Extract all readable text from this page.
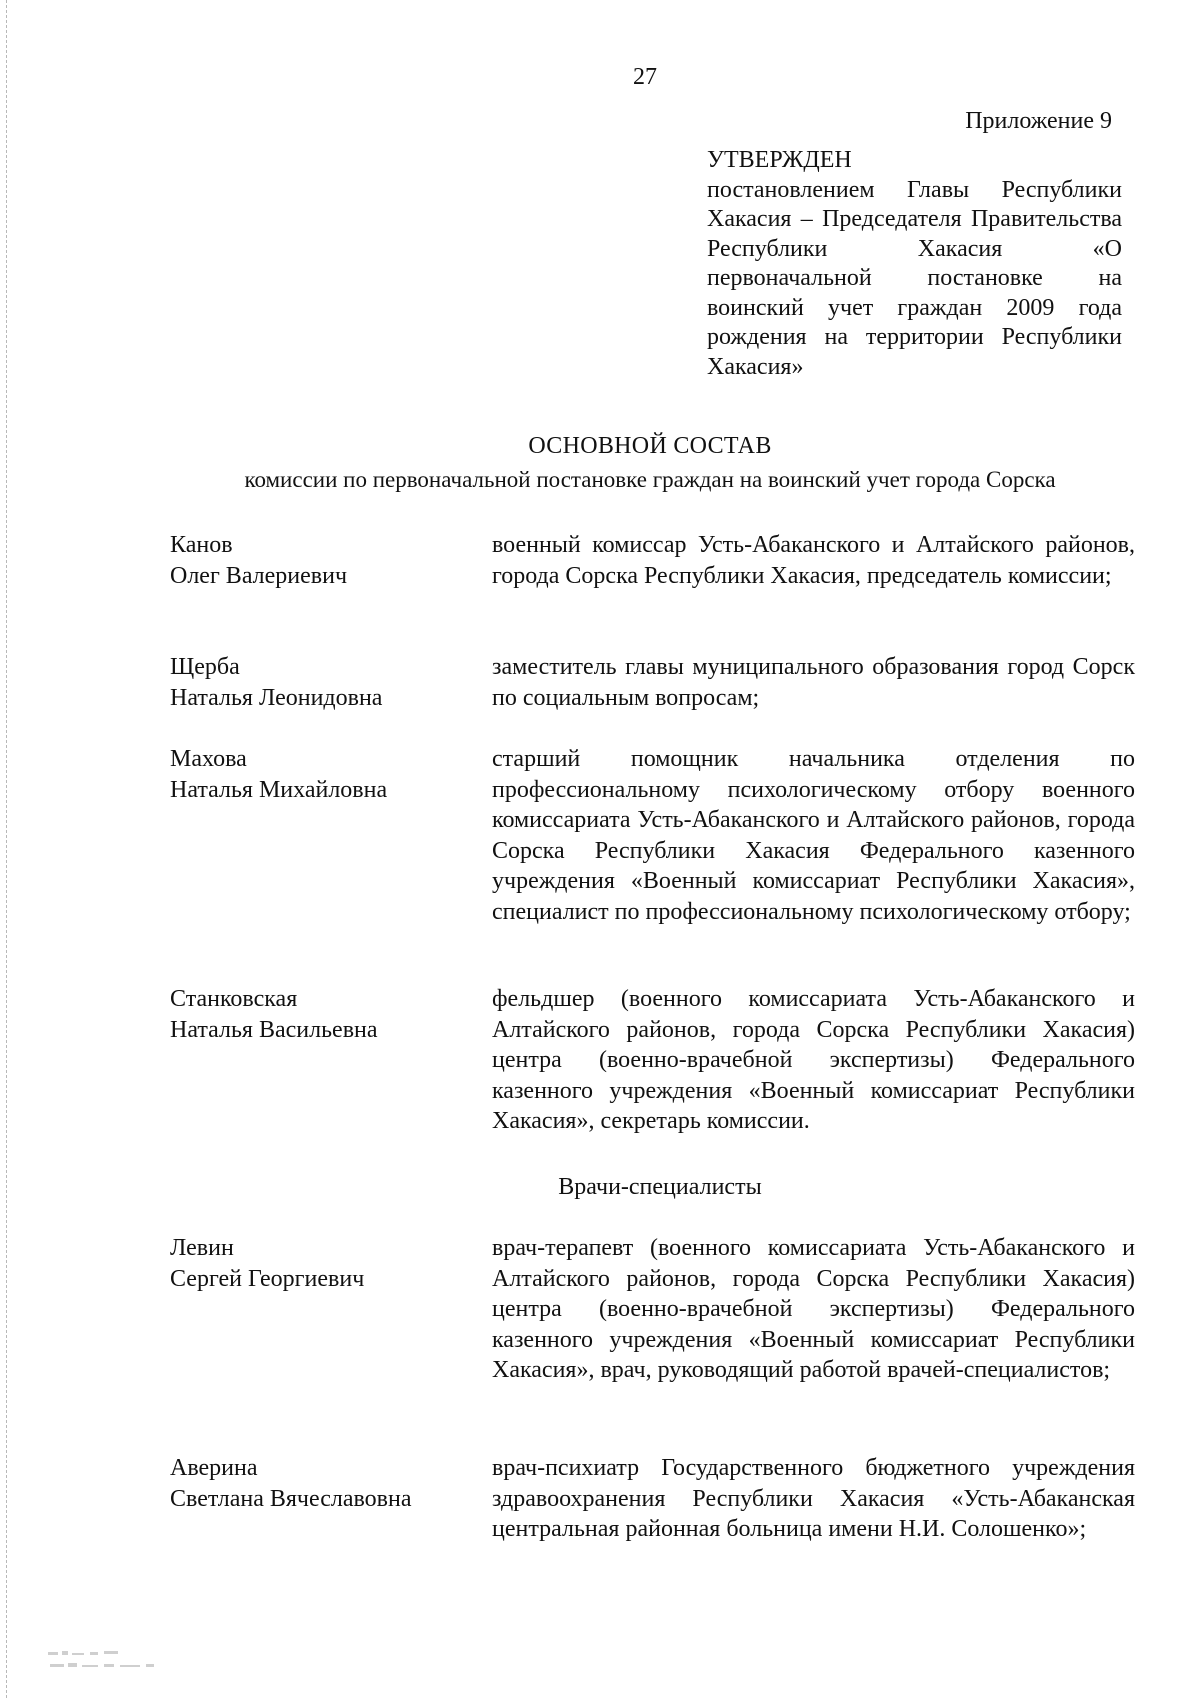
27
Приложение 9
УТВЕРЖДЕН
постановлением Главы Республики Хакасия – Председателя Правительства Республики Хакасия «О первоначальной постановке на воинский учет граждан 2009 года рождения на территории Республики Хакасия»
ОСНОВНОЙ СОСТАВ
комиссии по первоначальной постановке граждан на воинский учет города Сорска
Канов
Олег Валериевич
военный комиссар Усть-Абаканского и Алтайского районов, города Сорска Республики Хакасия, председатель комиссии;
Щерба
Наталья Леонидовна
заместитель главы муниципального образования город Сорск по социальным вопросам;
Махова
Наталья Михайловна
старший помощник начальника отделения по профессиональному психологическому отбору военного комиссариата Усть-Абаканского и Алтайского районов, города Сорска Республики Хакасия Федерального казенного учреждения «Военный комиссариат Республики Хакасия», специалист по профессиональному психологическому отбору;
Станковская
Наталья Васильевна
фельдшер (военного комиссариата Усть-Абаканского и Алтайского районов, города Сорска Республики Хакасия) центра (военно-врачебной экспертизы) Федерального казенного учреждения «Военный комиссариат Республики Хакасия», секретарь комиссии.
Врачи-специалисты
Левин
Сергей Георгиевич
врач-терапевт (военного комиссариата Усть-Абаканского и Алтайского районов, города Сорска Республики Хакасия) центра (военно-врачебной экспертизы) Федерального казенного учреждения «Военный комиссариат Республики Хакасия», врач, руководящий работой врачей-специалистов;
Аверина
Светлана Вячеславовна
врач-психиатр Государственного бюджетного учреждения здравоохранения Республики Хакасия «Усть-Абаканская центральная районная больница имени Н.И. Солошенко»;
